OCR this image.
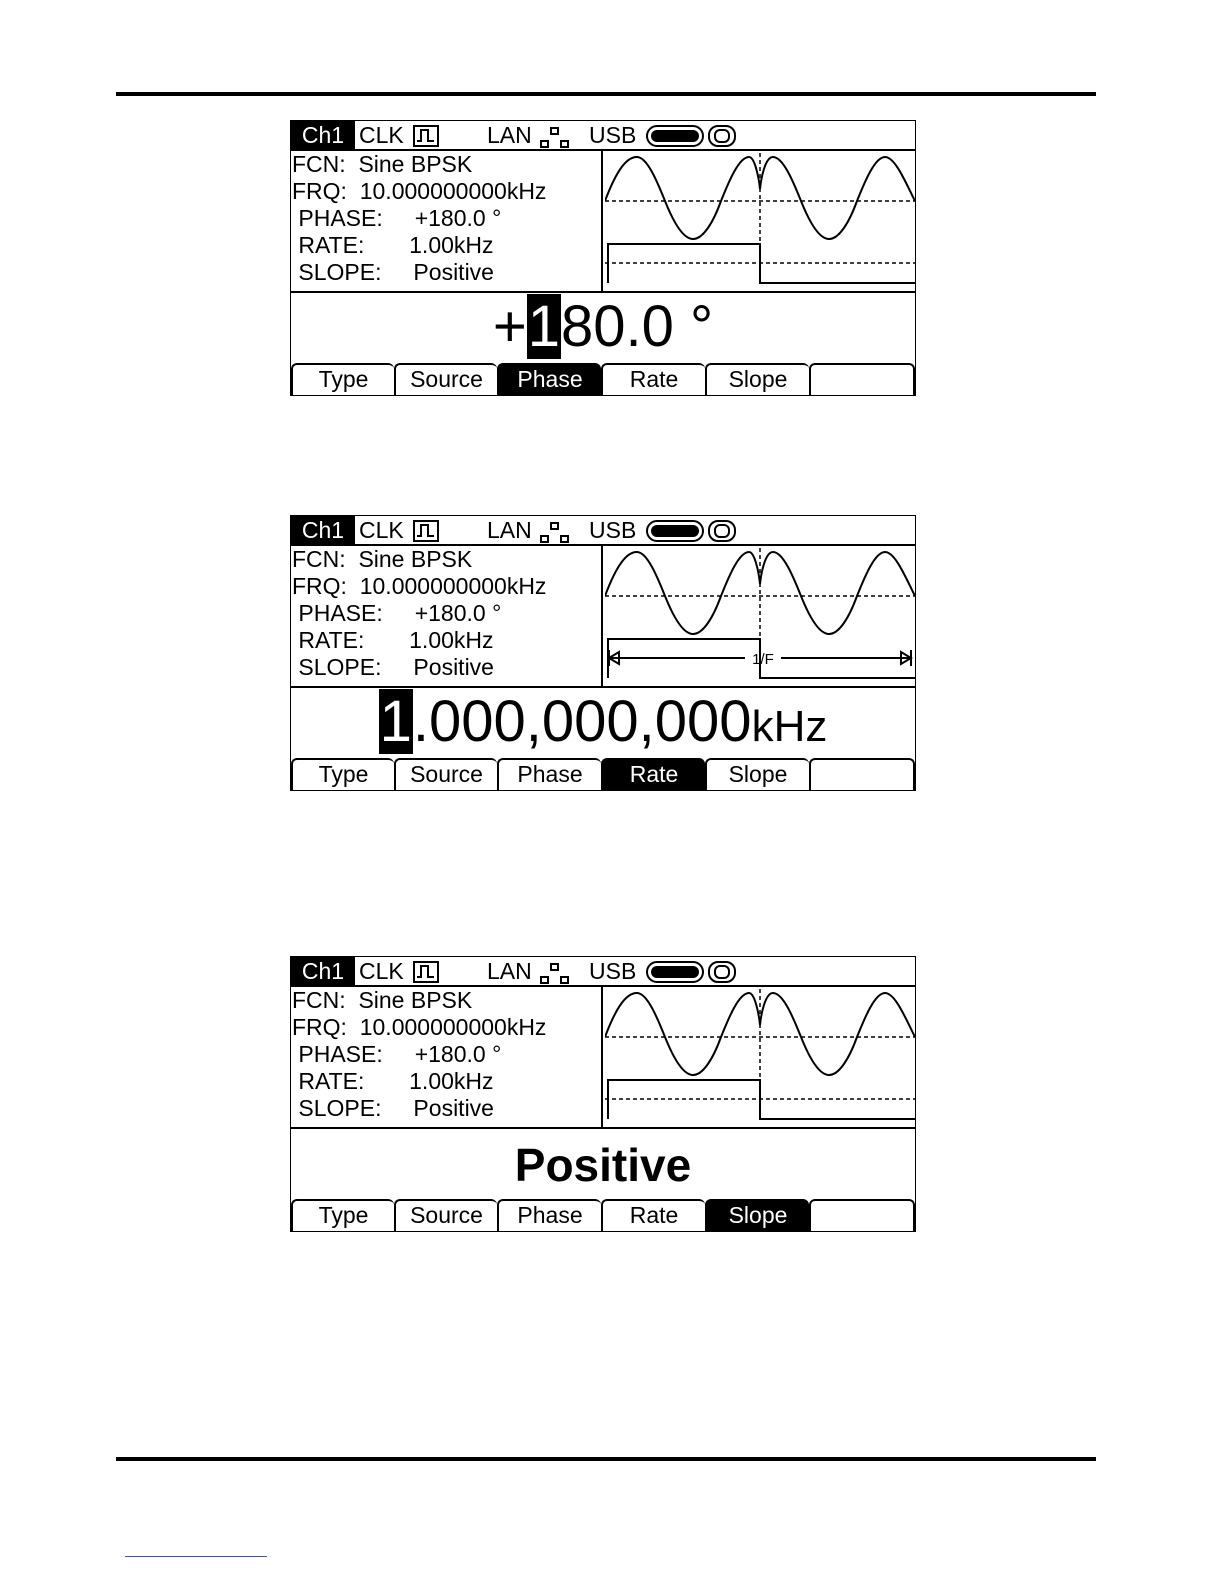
Ch1 CLK	LAN USB
FCN:  Sine BPSK
FRQ:  10.000000000kHz
PHASE:     +180.0 °
RATE:       1.00kHz
SLOPE:     Positive
+180.0 °
Type	Source	Phase	Rate	Slope
Ch1 CLK	LAN USB
FCN:  Sine BPSK
FRQ:  10.000000000kHz
PHASE:     +180.0 °
RATE:       1.00kHz
SLOPE:     Positive	1/F
1.000,000,000kHz
Type	Source	Phase	Rate	Slope
Ch1 CLK	LAN USB
FCN:  Sine BPSK
FRQ:  10.000000000kHz
PHASE:     +180.0 °
RATE:       1.00kHz
SLOPE:     Positive
Positive
Type	Source	Phase	Rate	Slope
